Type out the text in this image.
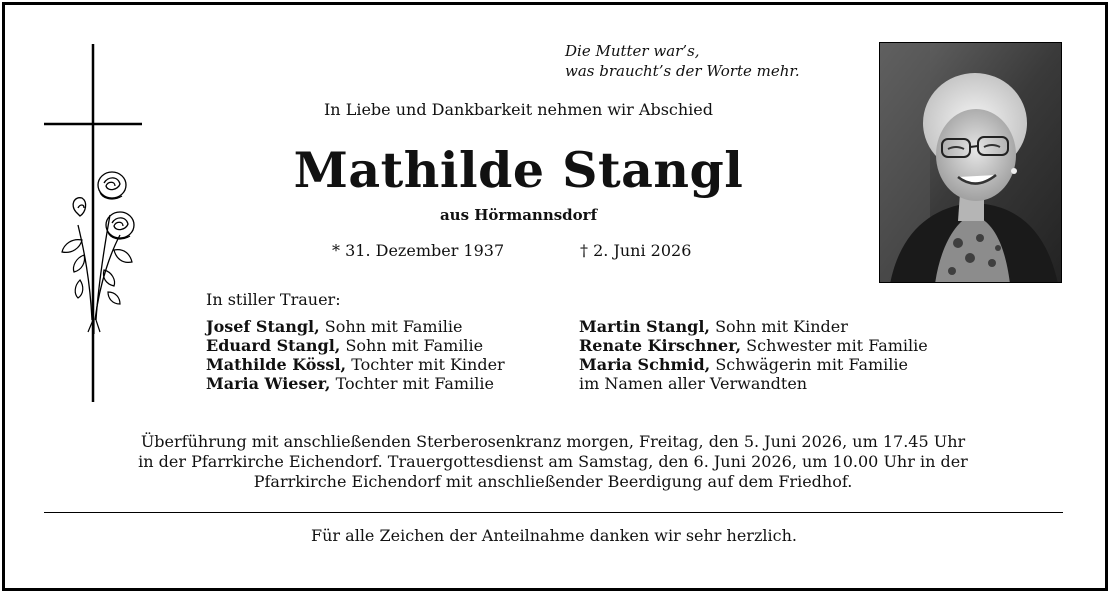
Die Mutter war’s,
was braucht’s der Worte mehr.
In Liebe und Dankbarkeit nehmen wir Abschied
Mathilde Stangl
aus Hörmannsdorf
* 31. Dezember 1937	† 2. Juni 2026
In stiller Trauer:
Josef Stangl, Sohn mit Familie
Eduard Stangl, Sohn mit Familie
Mathilde Kössl, Tochter mit Kinder
Maria Wieser, Tochter mit Familie
Martin Stangl, Sohn mit Kinder
Renate Kirschner, Schwester mit Familie
Maria Schmid, Schwägerin mit Familie
im Namen aller Verwandten
Überführung mit anschließenden Sterberosenkranz morgen, Freitag, den 5. Juni 2026, um 17.45 Uhr
in der Pfarrkirche Eichendorf. Trauergottesdienst am Samstag, den 6. Juni 2026, um 10.00 Uhr in der
Pfarrkirche Eichendorf mit anschließender Beerdigung auf dem Friedhof.
Für alle Zeichen der Anteilnahme danken wir sehr herzlich.
